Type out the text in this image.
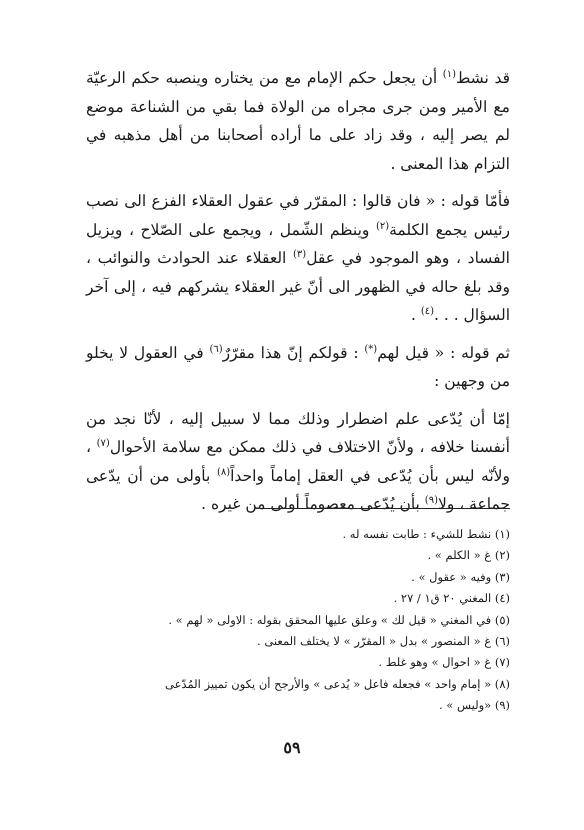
قد نشط$^{(١)}$ أن يجعل حكم الإمام مع من يختاره وينصبه حكم الرعيّة مع الأمير ومن جرى مجراه من الولاة فما بقي من الشناعة موضع لم يصر إليه ، وقد زاد على ما أراده أصحابنا من أهل مذهبه في التزام هذا المعنى .

فأمّا قوله : « فان قالوا : المقرّر في عقول العقلاء الفزع الى نصب رئيس يجمع الكلمة$^{(٢)}$ وينظم الشّمل ، ويجمع على الصّلاح ، ويزيل الفساد ، وهو الموجود في عقل$^{(٣)}$ العقلاء عند الحوادث والنوائب ، وقد بلغ حاله في الظهور الى أنّ غير العقلاء يشركهم فيه ، إلى آخر السؤال . . .$^{(٤)}$ .

ثم قوله : « قيل لهم(*) : قولكم إنّ هذا مقرّرٌ$^{(٦)}$ في العقول لا يخلو من وجهين :

إمّا أن يُدّعى علم اضطرار وذلك مما لا سبيل إليه ، لأنّا نجد من أنفسنا خلافه ، ولأنّ الاختلاف في ذلك ممكن مع سلامة الأحوال$^{(٧)}$ ، ولأنّه ليس بأن يُدّعى في العقل إماماً واحداً$^{(٨)}$ بأولى من أن يدّعى جماعة ، ولا$^{(٩)}$ بأن يُدّعى معصوماً أولى من غيره .

(١) نشط للشيء : طابت نفسه له .

(٢) غ « الكلم » .

(٣) وفيه « عقول » .

(٤) المغني ٢٠ ق١ / ٢٧ .

(٥) في المغني « قيل لك » وعلق عليها المحقق بقوله : الاولى « لهم » .

(٦) غ « المنصور » بدل « المقرّر » لا يختلف المعنى .

(٧) غ « احوال » وهو غلط .

(٨) « إمام واحد » فجعله فاعل « يُدعى » والأرجح أن يكون تمييز المُدّعى

(٩) «وليس » .

٥٩
